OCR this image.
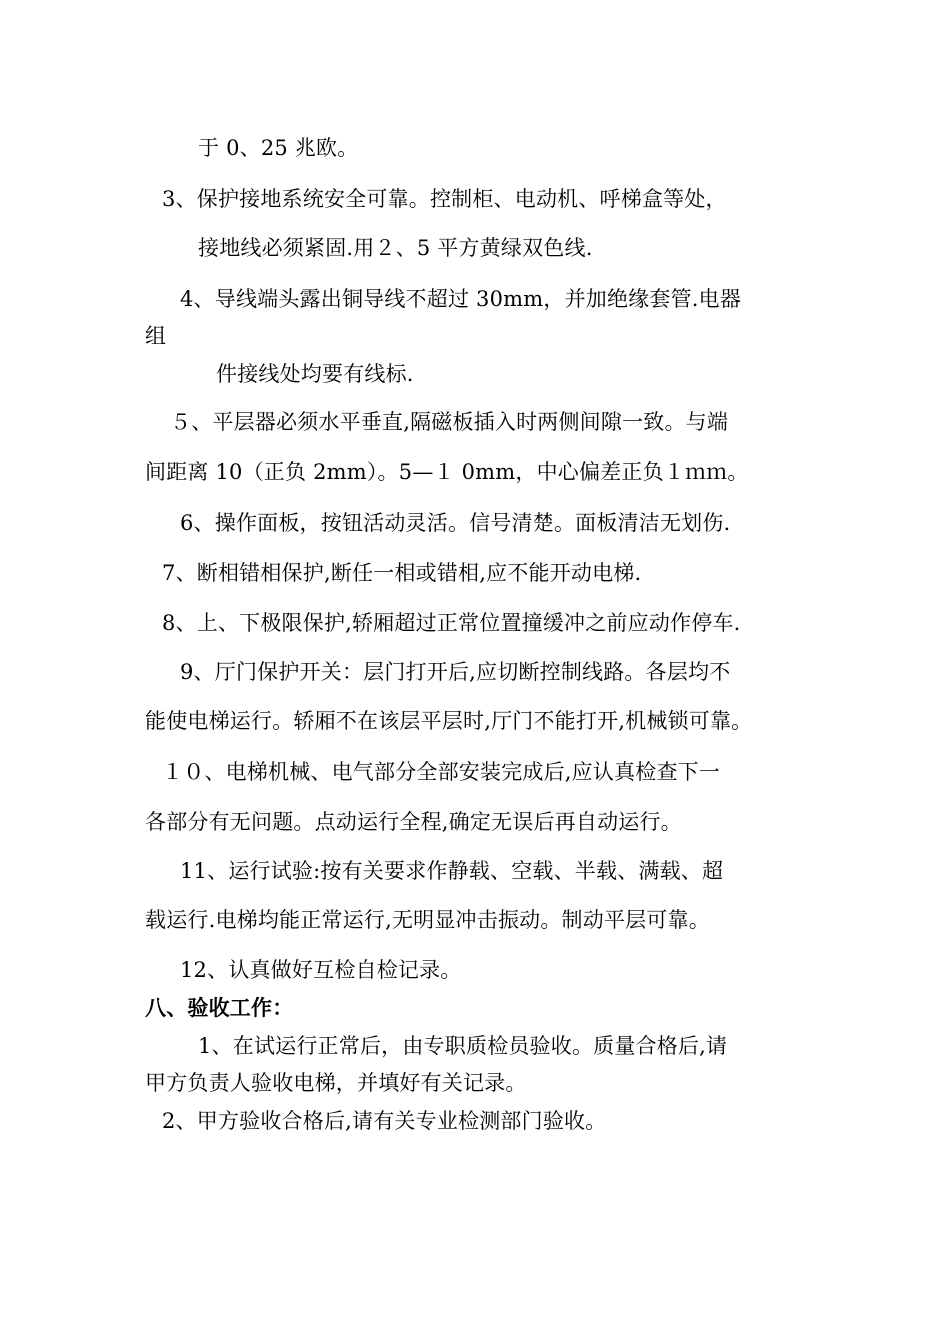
于 0、25 兆欧。
3、保护接地系统安全可靠。控制柜、电动机、呼梯盒等处，
接地线必须紧固.用２、5 平方黄绿双色线.
4、导线端头露出铜导线不超过 30mm，并加绝缘套管.电器
组
件接线处均要有线标.
５、平层器必须水平垂直,隔磁板插入时两侧间隙一致。与端
间距离 10（正负 2mm）。5—１ 0mm，中心偏差正负１ｍｍ。
6、操作面板，按钮活动灵活。信号清楚。面板清洁无划伤.
7、断相错相保护,断任一相或错相,应不能开动电梯.
8、上、下极限保护,轿厢超过正常位置撞缓冲之前应动作停车.
9、厅门保护开关：层门打开后,应切断控制线路。各层均不
能使电梯运行。轿厢不在该层平层时,厅门不能打开,机械锁可靠。
１０、电梯机械、电气部分全部安装完成后,应认真检查下一
各部分有无问题。点动运行全程,确定无误后再自动运行。
11、运行试验:按有关要求作静载、空载、半载、满载、超
载运行.电梯均能正常运行,无明显冲击振动。制动平层可靠。
12、认真做好互检自检记录。
八、验收工作：
1、在试运行正常后，由专职质检员验收。质量合格后,请
甲方负责人验收电梯，并填好有关记录。
2、甲方验收合格后,请有关专业检测部门验收。
